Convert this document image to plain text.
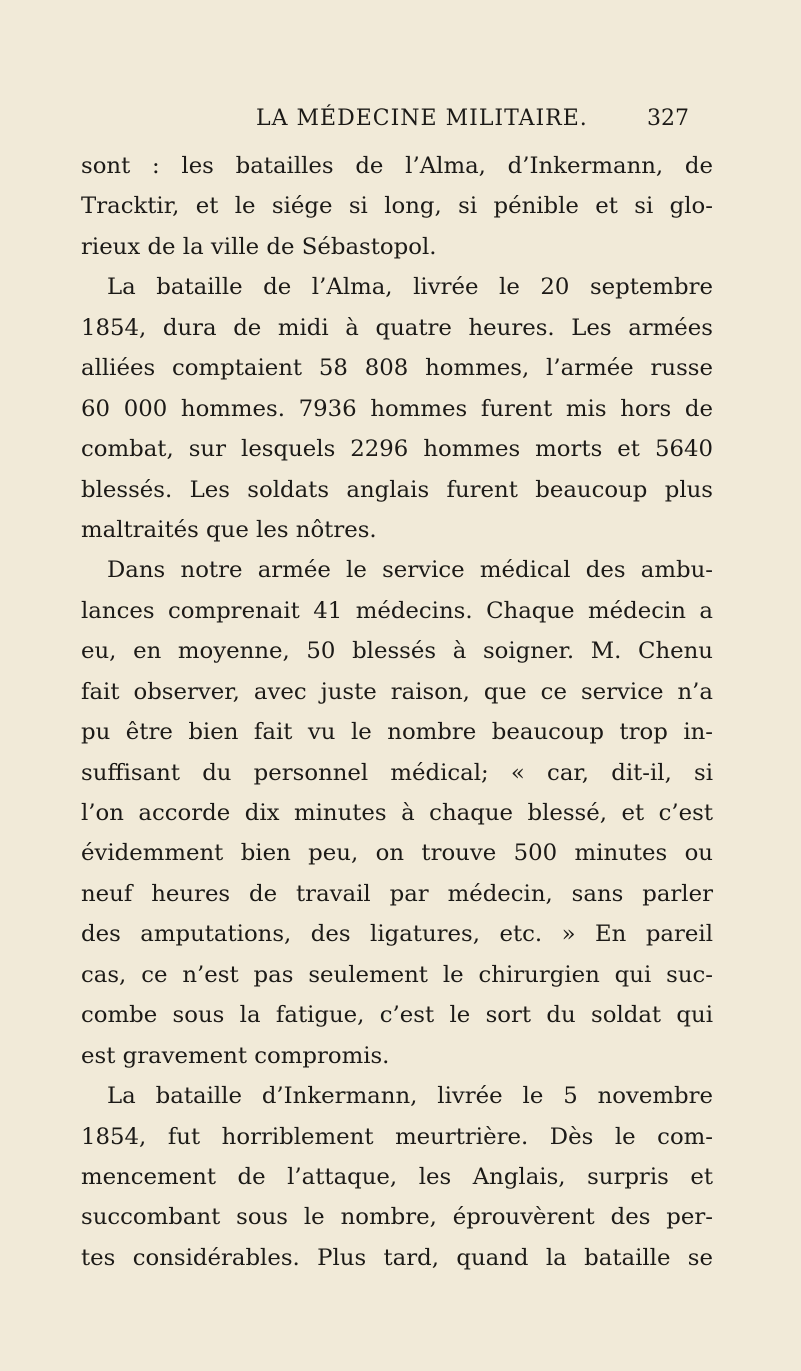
LA MÉDECINE MILITAIRE.	327
sont : les batailles de l’Alma, d’Inkermann, de
Tracktir, et le siége si long, si pénible et si glo-
rieux de la ville de Sébastopol.
La bataille de l’Alma, livrée le 20 septembre
1854, dura de midi à quatre heures. Les armées
alliées comptaient 58 808 hommes, l’armée russe
60 000 hommes. 7936 hommes furent mis hors de
combat, sur lesquels 2296 hommes morts et 5640
blessés. Les soldats anglais furent beaucoup plus
maltraités que les nôtres.
Dans notre armée le service médical des ambu-
lances comprenait 41 médecins. Chaque médecin a
eu, en moyenne, 50 blessés à soigner. M. Chenu
fait observer, avec juste raison, que ce service n’a
pu être bien fait vu le nombre beaucoup trop in-
suffisant du personnel médical; « car, dit-il, si
l’on accorde dix minutes à chaque blessé, et c’est
évidemment bien peu, on trouve 500 minutes ou
neuf heures de travail par médecin, sans parler
des amputations, des ligatures, etc. » En pareil
cas, ce n’est pas seulement le chirurgien qui suc-
combe sous la fatigue, c’est le sort du soldat qui
est gravement compromis.
La bataille d’Inkermann, livrée le 5 novembre
1854, fut horriblement meurtrière. Dès le com-
mencement de l’attaque, les Anglais, surpris et
succombant sous le nombre, éprouvèrent des per-
tes considérables. Plus tard, quand la bataille se
